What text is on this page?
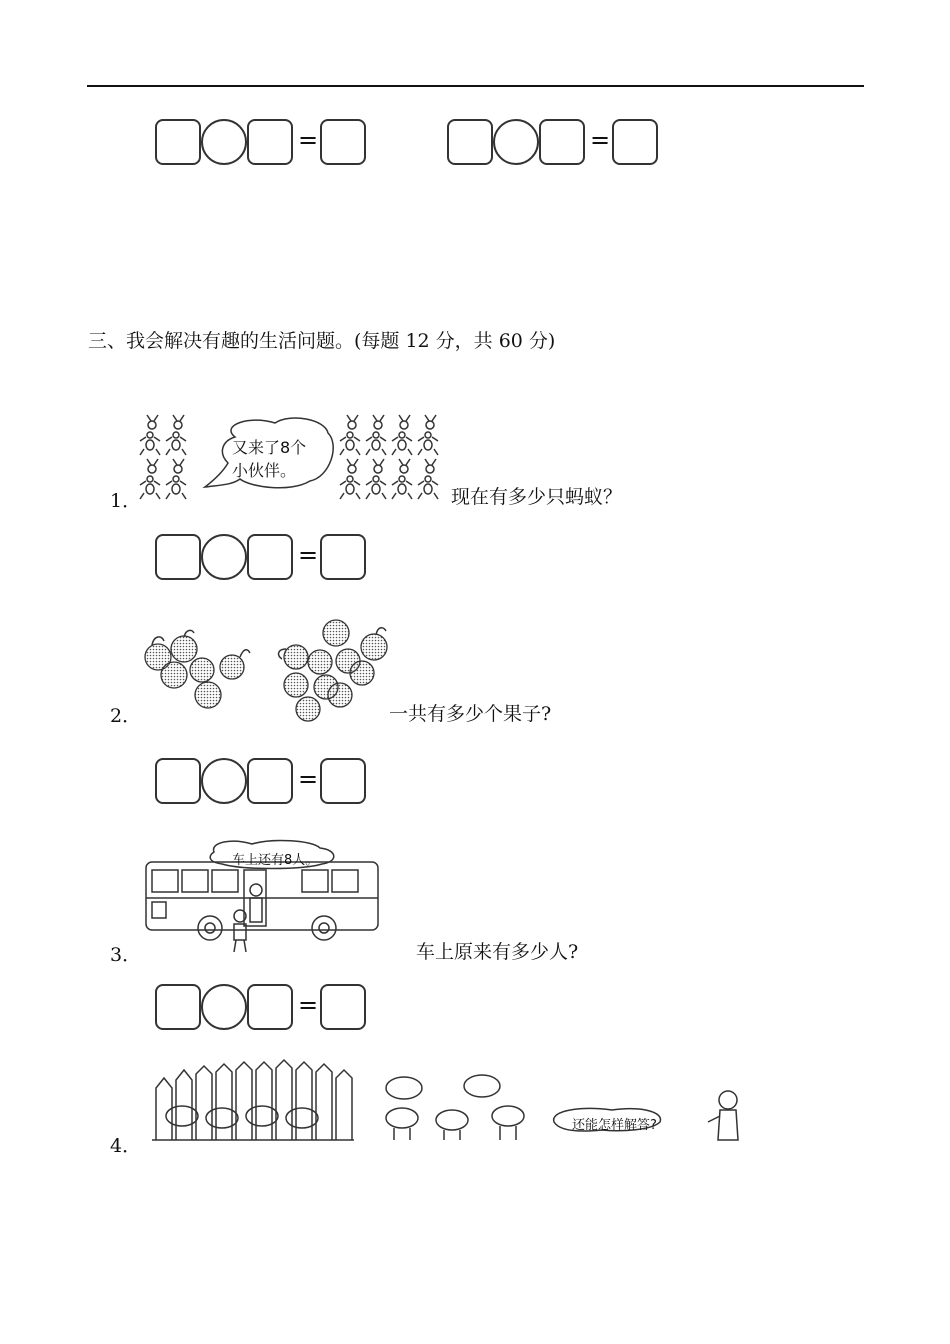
=	=
三、我会解决有趣的生活问题。(每题 12 分，共 60 分)
1．
又来了8个
小伙伴。
现在有多少只蚂蚁？
=
2．	一共有多少个果子?
=
3．
车上还有8人。
车上原来有多少人?
=
4．
还能怎样解答?
